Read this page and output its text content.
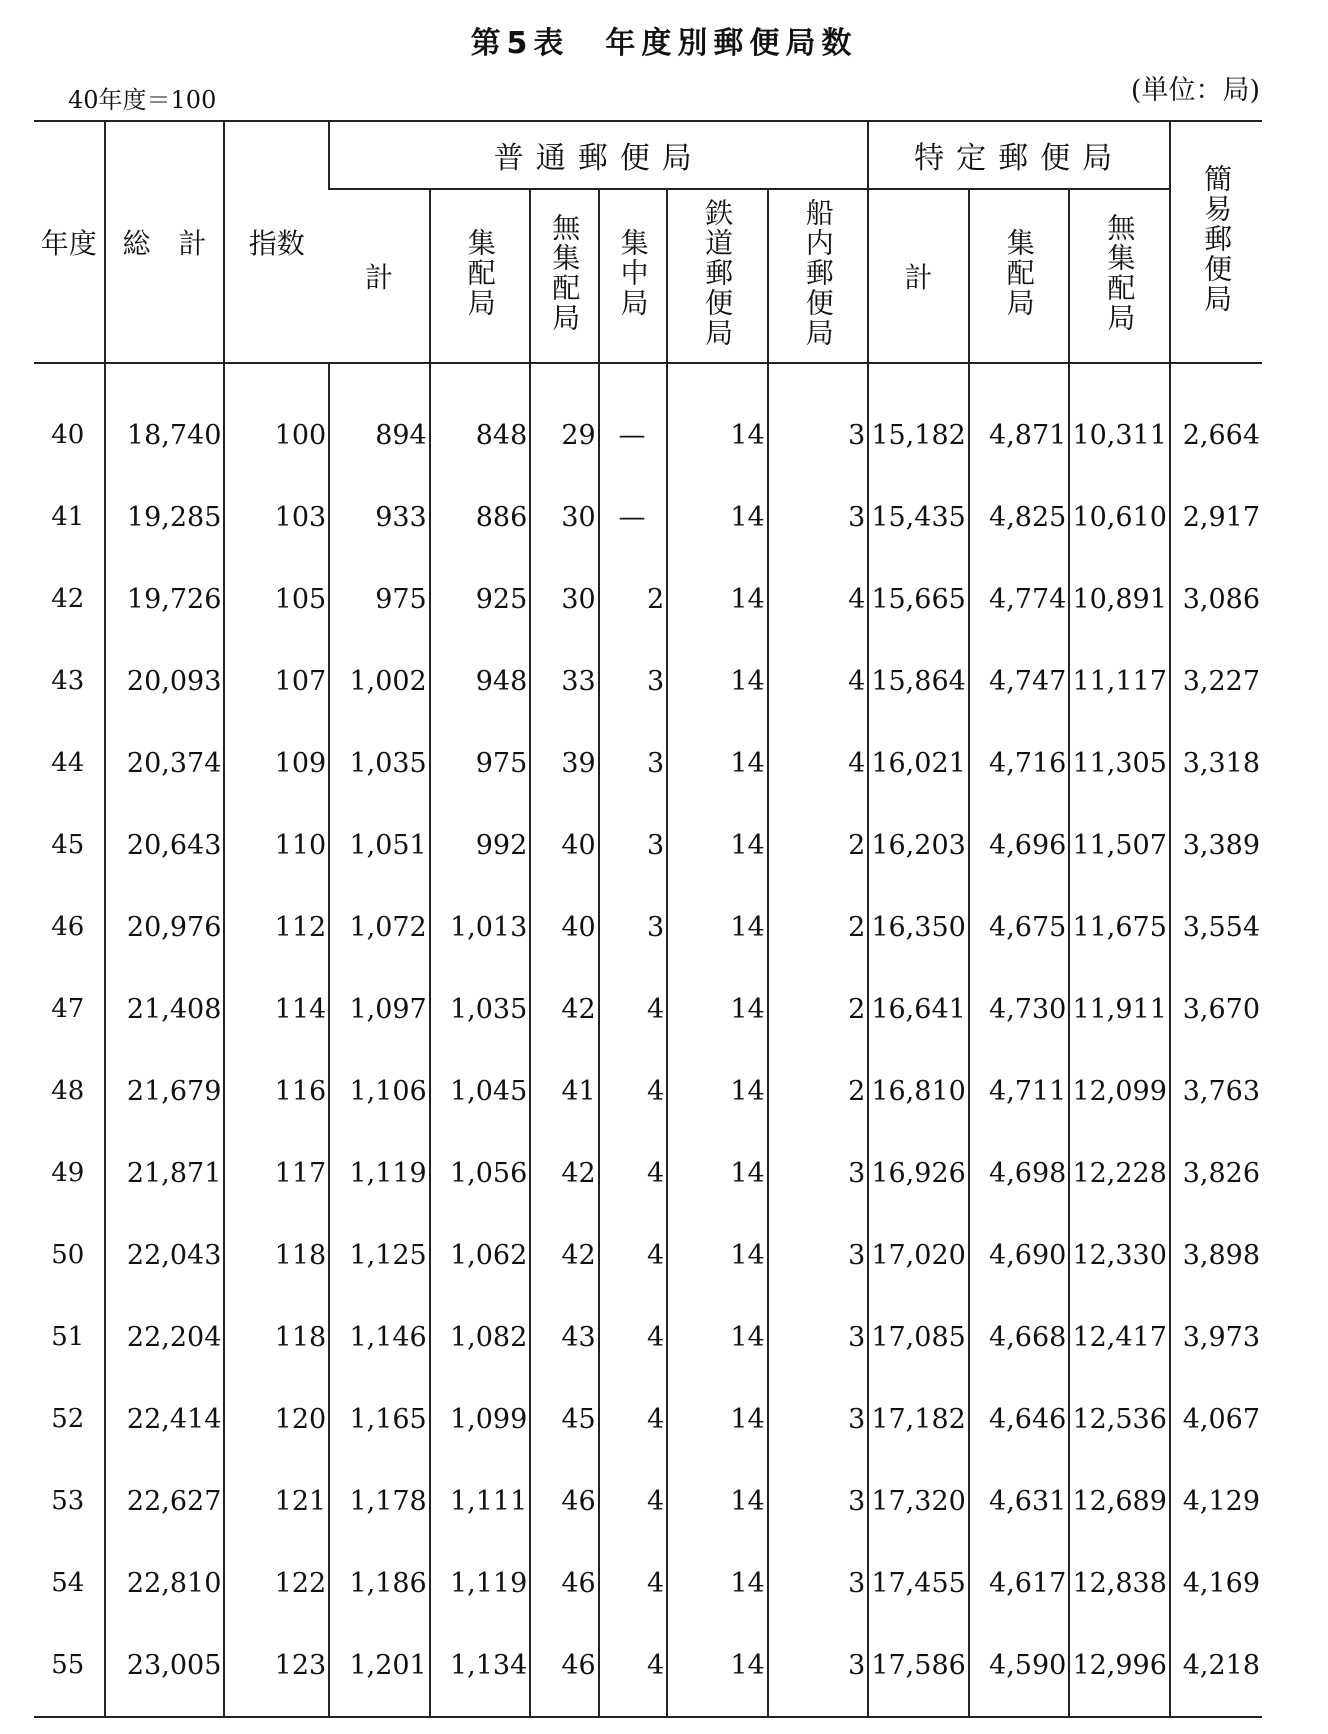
第5表　年度別郵便局数
40年度＝100	(単位：局)
年度	総　計	指数	普通郵便局						特定郵便局			簡易郵便局
			計	集配局	無集配局	集中局	鉄道郵便局	船内郵便局	計	集配局	無集配局	
40	18,740	100	894	848	29	—	14	3	15,182	4,871	10,311	2,664
41	19,285	103	933	886	30	—	14	3	15,435	4,825	10,610	2,917
42	19,726	105	975	925	30	2	14	4	15,665	4,774	10,891	3,086
43	20,093	107	1,002	948	33	3	14	4	15,864	4,747	11,117	3,227
44	20,374	109	1,035	975	39	3	14	4	16,021	4,716	11,305	3,318
45	20,643	110	1,051	992	40	3	14	2	16,203	4,696	11,507	3,389
46	20,976	112	1,072	1,013	40	3	14	2	16,350	4,675	11,675	3,554
47	21,408	114	1,097	1,035	42	4	14	2	16,641	4,730	11,911	3,670
48	21,679	116	1,106	1,045	41	4	14	2	16,810	4,711	12,099	3,763
49	21,871	117	1,119	1,056	42	4	14	3	16,926	4,698	12,228	3,826
50	22,043	118	1,125	1,062	42	4	14	3	17,020	4,690	12,330	3,898
51	22,204	118	1,146	1,082	43	4	14	3	17,085	4,668	12,417	3,973
52	22,414	120	1,165	1,099	45	4	14	3	17,182	4,646	12,536	4,067
53	22,627	121	1,178	1,111	46	4	14	3	17,320	4,631	12,689	4,129
54	22,810	122	1,186	1,119	46	4	14	3	17,455	4,617	12,838	4,169
55	23,005	123	1,201	1,134	46	4	14	3	17,586	4,590	12,996	4,218
